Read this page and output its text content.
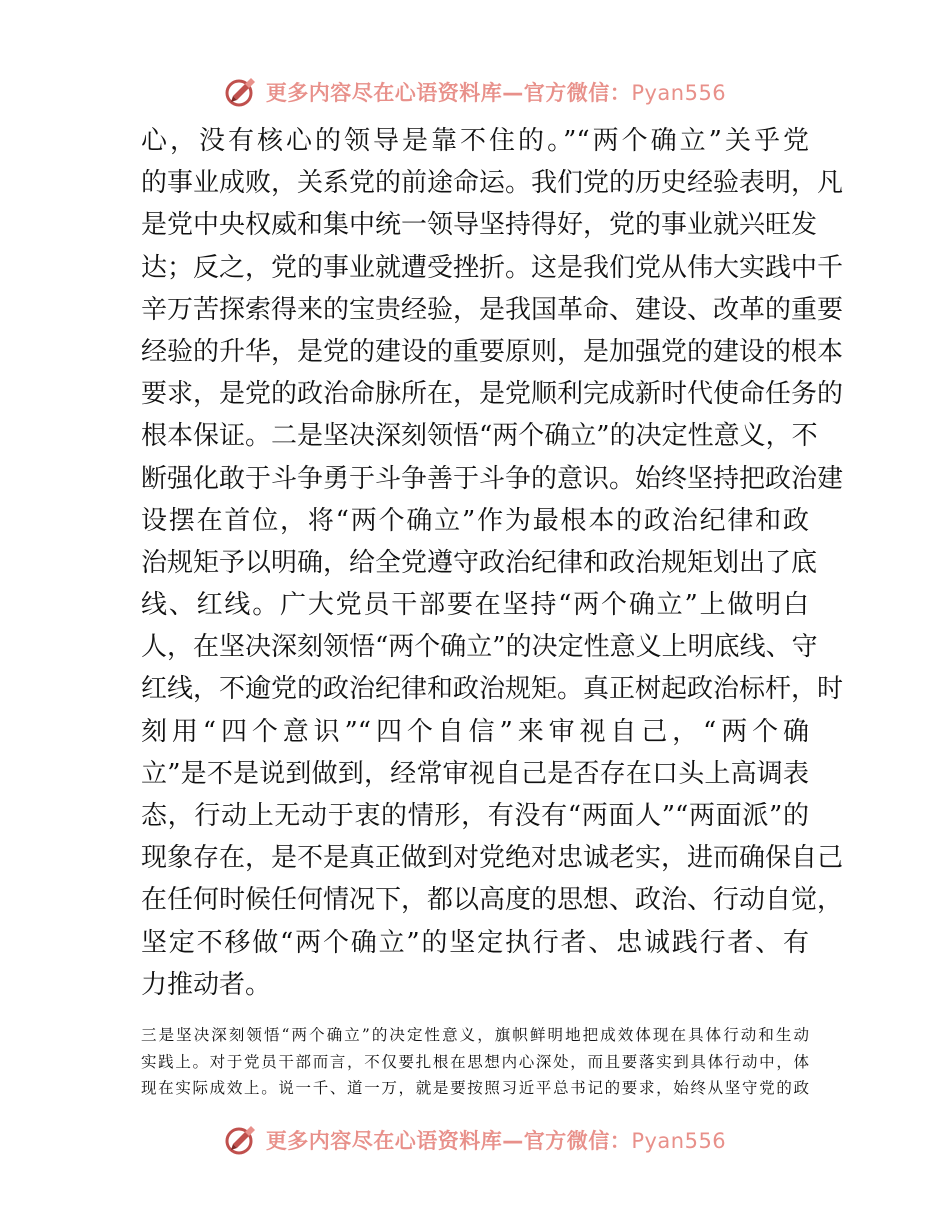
更多内容尽在心语资料库—官方微信：Pyan556
心，没有核心的领导是靠不住的。”“两个确立”关乎党
的事业成败，关系党的前途命运。我们党的历史经验表明，凡
是党中央权威和集中统一领导坚持得好，党的事业就兴旺发
达；反之，党的事业就遭受挫折。这是我们党从伟大实践中千
辛万苦探索得来的宝贵经验，是我国革命、建设、改革的重要
经验的升华，是党的建设的重要原则，是加强党的建设的根本
要求，是党的政治命脉所在，是党顺利完成新时代使命任务的
根本保证。二是坚决深刻领悟“两个确立”的决定性意义，不
断强化敢于斗争勇于斗争善于斗争的意识。始终坚持把政治建
设摆在首位，将“两个确立”作为最根本的政治纪律和政
治规矩予以明确，给全党遵守政治纪律和政治规矩划出了底
线、红线。广大党员干部要在坚持“两个确立”上做明白
人，在坚决深刻领悟“两个确立”的决定性意义上明底线、守
红线，不逾党的政治纪律和政治规矩。真正树起政治标杆，时
刻用“四个意识”“四个自信”来审视自己，“两个确
立”是不是说到做到，经常审视自己是否存在口头上高调表
态，行动上无动于衷的情形，有没有“两面人”“两面派”的
现象存在，是不是真正做到对党绝对忠诚老实，进而确保自己
在任何时候任何情况下，都以高度的思想、政治、行动自觉，
坚定不移做“两个确立”的坚定执行者、忠诚践行者、有
力推动者。
三是坚决深刻领悟“两个确立”的决定性意义，旗帜鲜明地把成效体现在具体行动和生动
实践上。对于党员干部而言，不仅要扎根在思想内心深处，而且要落实到具体行动中，体
现在实际成效上。说一千、道一万，就是要按照习近平总书记的要求，始终从坚守党的政
更多内容尽在心语资料库—官方微信：Pyan556
